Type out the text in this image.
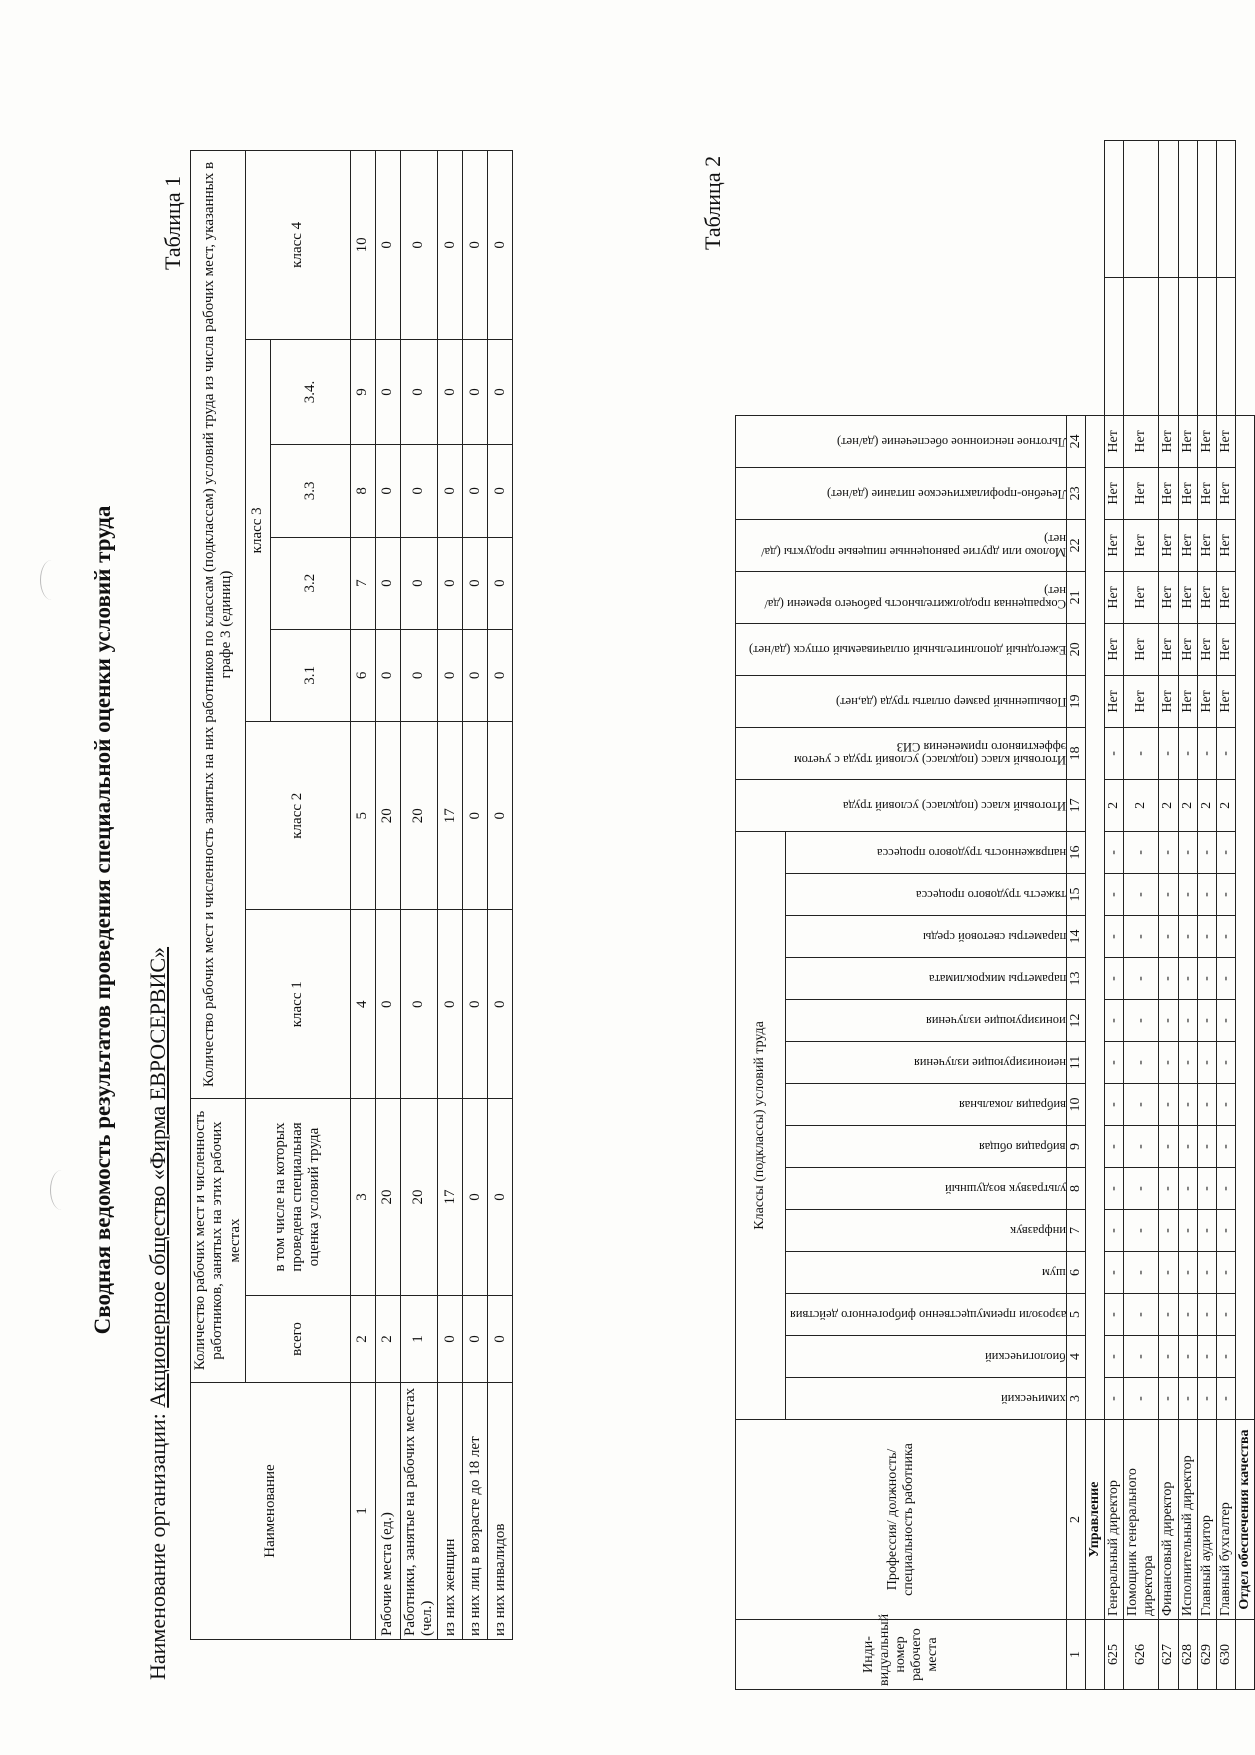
Сводная ведомость результатов проведения специальной оценки условий труда
Наименование организации: Акционерное общество «Фирма ЕВРОСЕРВИС»
Таблица 1
Наименование	Количество рабочих мест и численность работников, занятых на этих рабочих местах		Количество рабочих мест и численность занятых на них работников по классам (подклассам) условий труда из числа рабочих мест, указанных в графе 3 (единиц)						
	всего	в том числе на которых проведена специальная оценка условий труда	класс 1	класс 2	класс 3				класс 4
					3.1	3.2	3.3	3.4.	
1	2	3	4	5	6	7	8	9	10
Рабочие места (ед.)	2	20	0	20	0	0	0	0	0
Работники, занятые на рабочих местах (чел.)	1	20	0	20	0	0	0	0	0
из них женщин	0	17	0	17	0	0	0	0	0
из них лиц в возрасте до 18 лет	0	0	0	0	0	0	0	0	0
из них инвалидов	0	0	0	0	0	0	0	0	0	Таблица 2
Инди-видуальный номер рабочего места	Профессия/ должность/ специальность работника	Классы (подклассы) условий труда														Итоговый класс (подкласс) условий труда	Итоговый класс (подкласс) условий труда с учетом эффективного применения СИЗ	Повышенный размер оплаты труда (да,нет)	Ежегодный дополнительный оплачиваемый отпуск (да/нет)	Сокращенная продолжительность рабочего времени (да/нет)	Молоко или другие равноценные пищевые продукты (да/нет)	Лечебно-профилактическое питание (да/нет)	Льготное пенсионное обеспечение (да/нет)		

		химический	биологический	аэрозоли преимущественно фиброгенного действия	шум	инфразвук	ультразвук воздушный	вибрация общая	вибрация локальная	неионизирующие излучения	ионизирующие излучения	параметры микроклимата	параметры световой среды	тяжесть трудового процесса	напряженность трудового процесса										

1	2	3	4	5	6	7	8	9	10	11	12	13	14	15	16	17	18	19	20	21	22	23	24		
	Управление																								
625	Генеральный директор	-	-	-	-	-	-	-	-	-	-	-	-	-	-	2	-	Нет	Нет	Нет	Нет	Нет	Нет		
626	Помощник генерального директора	-	-	-	-	-	-	-	-	-	-	-	-	-	-	2	-	Нет	Нет	Нет	Нет	Нет	Нет		
627	Финансовый директор	-	-	-	-	-	-	-	-	-	-	-	-	-	-	2	-	Нет	Нет	Нет	Нет	Нет	Нет		
628	Исполнительный директор	-	-	-	-	-	-	-	-	-	-	-	-	-	-	2	-	Нет	Нет	Нет	Нет	Нет	Нет		
629	Главный аудитор	-	-	-	-	-	-	-	-	-	-	-	-	-	-	2	-	Нет	Нет	Нет	Нет	Нет	Нет		
630	Главный бухгалтер	-	-	-	-	-	-	-	-	-	-	-	-	-	-	2	-	Нет	Нет	Нет	Нет	Нет	Нет		
	Отдел обеспечения качества																								
